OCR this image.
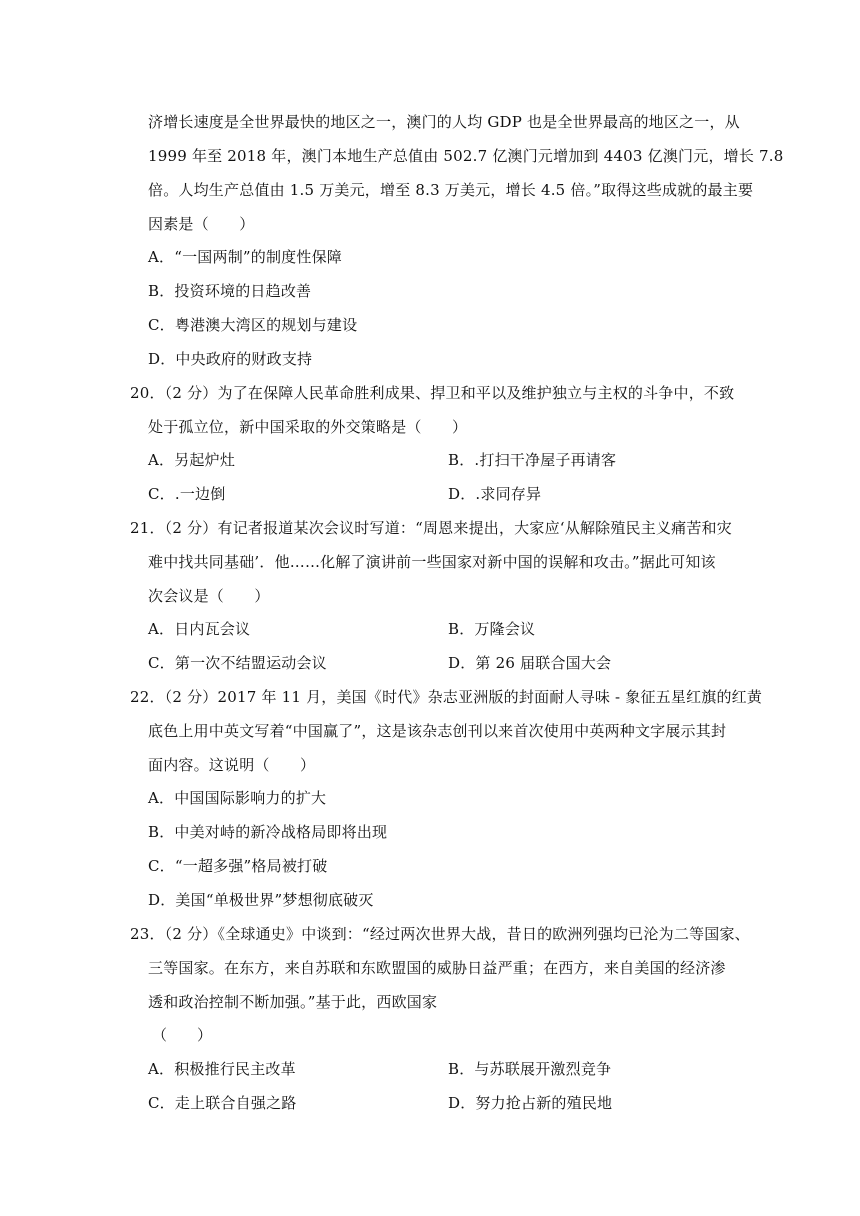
济增长速度是全世界最快的地区之一，澳门的人均 GDP 也是全世界最高的地区之一，从
1999 年至 2018 年，澳门本地生产总值由 502.7 亿澳门元增加到 4403 亿澳门元，增长 7.8
倍。人均生产总值由 1.5 万美元，增至 8.3 万美元，增长 4.5 倍。”取得这些成就的最主要
因素是（　　）
A．“一国两制”的制度性保障
B．投资环境的日趋改善
C．粤港澳大湾区的规划与建设
D．中央政府的财政支持
20．（2 分）为了在保障人民革命胜利成果、捍卫和平以及维护独立与主权的斗争中，不致
处于孤立位，新中国采取的外交策略是（　　）
A．另起炉灶	B．.打扫干净屋子再请客
C．.一边倒	D．.求同存异
21．（2 分）有记者报道某次会议时写道：“周恩来提出，大家应‘从解除殖民主义痛苦和灾
难中找共同基础’．他……化解了演讲前一些国家对新中国的误解和攻击。”据此可知该
次会议是（　　）
A．日内瓦会议	B．万隆会议
C．第一次不结盟运动会议	D．第 26 届联合国大会
22．（2 分）2017 年 11 月，美国《时代》杂志亚洲版的封面耐人寻味 - 象征五星红旗的红黄
底色上用中英文写着“中国赢了”，这是该杂志创刊以来首次使用中英两种文字展示其封
面内容。这说明（　　）
A．中国国际影响力的扩大
B．中美对峙的新冷战格局即将出现
C．“一超多强”格局被打破
D．美国“单极世界”梦想彻底破灭
23．（2 分）《全球通史》中谈到：“经过两次世界大战，昔日的欧洲列强均已沦为二等国家、
三等国家。在东方，来自苏联和东欧盟国的威胁日益严重；在西方，来自美国的经济渗
透和政治控制不断加强。”基于此，西欧国家
（　　）
A．积极推行民主改革	B．与苏联展开激烈竞争
C．走上联合自强之路	D．努力抢占新的殖民地
